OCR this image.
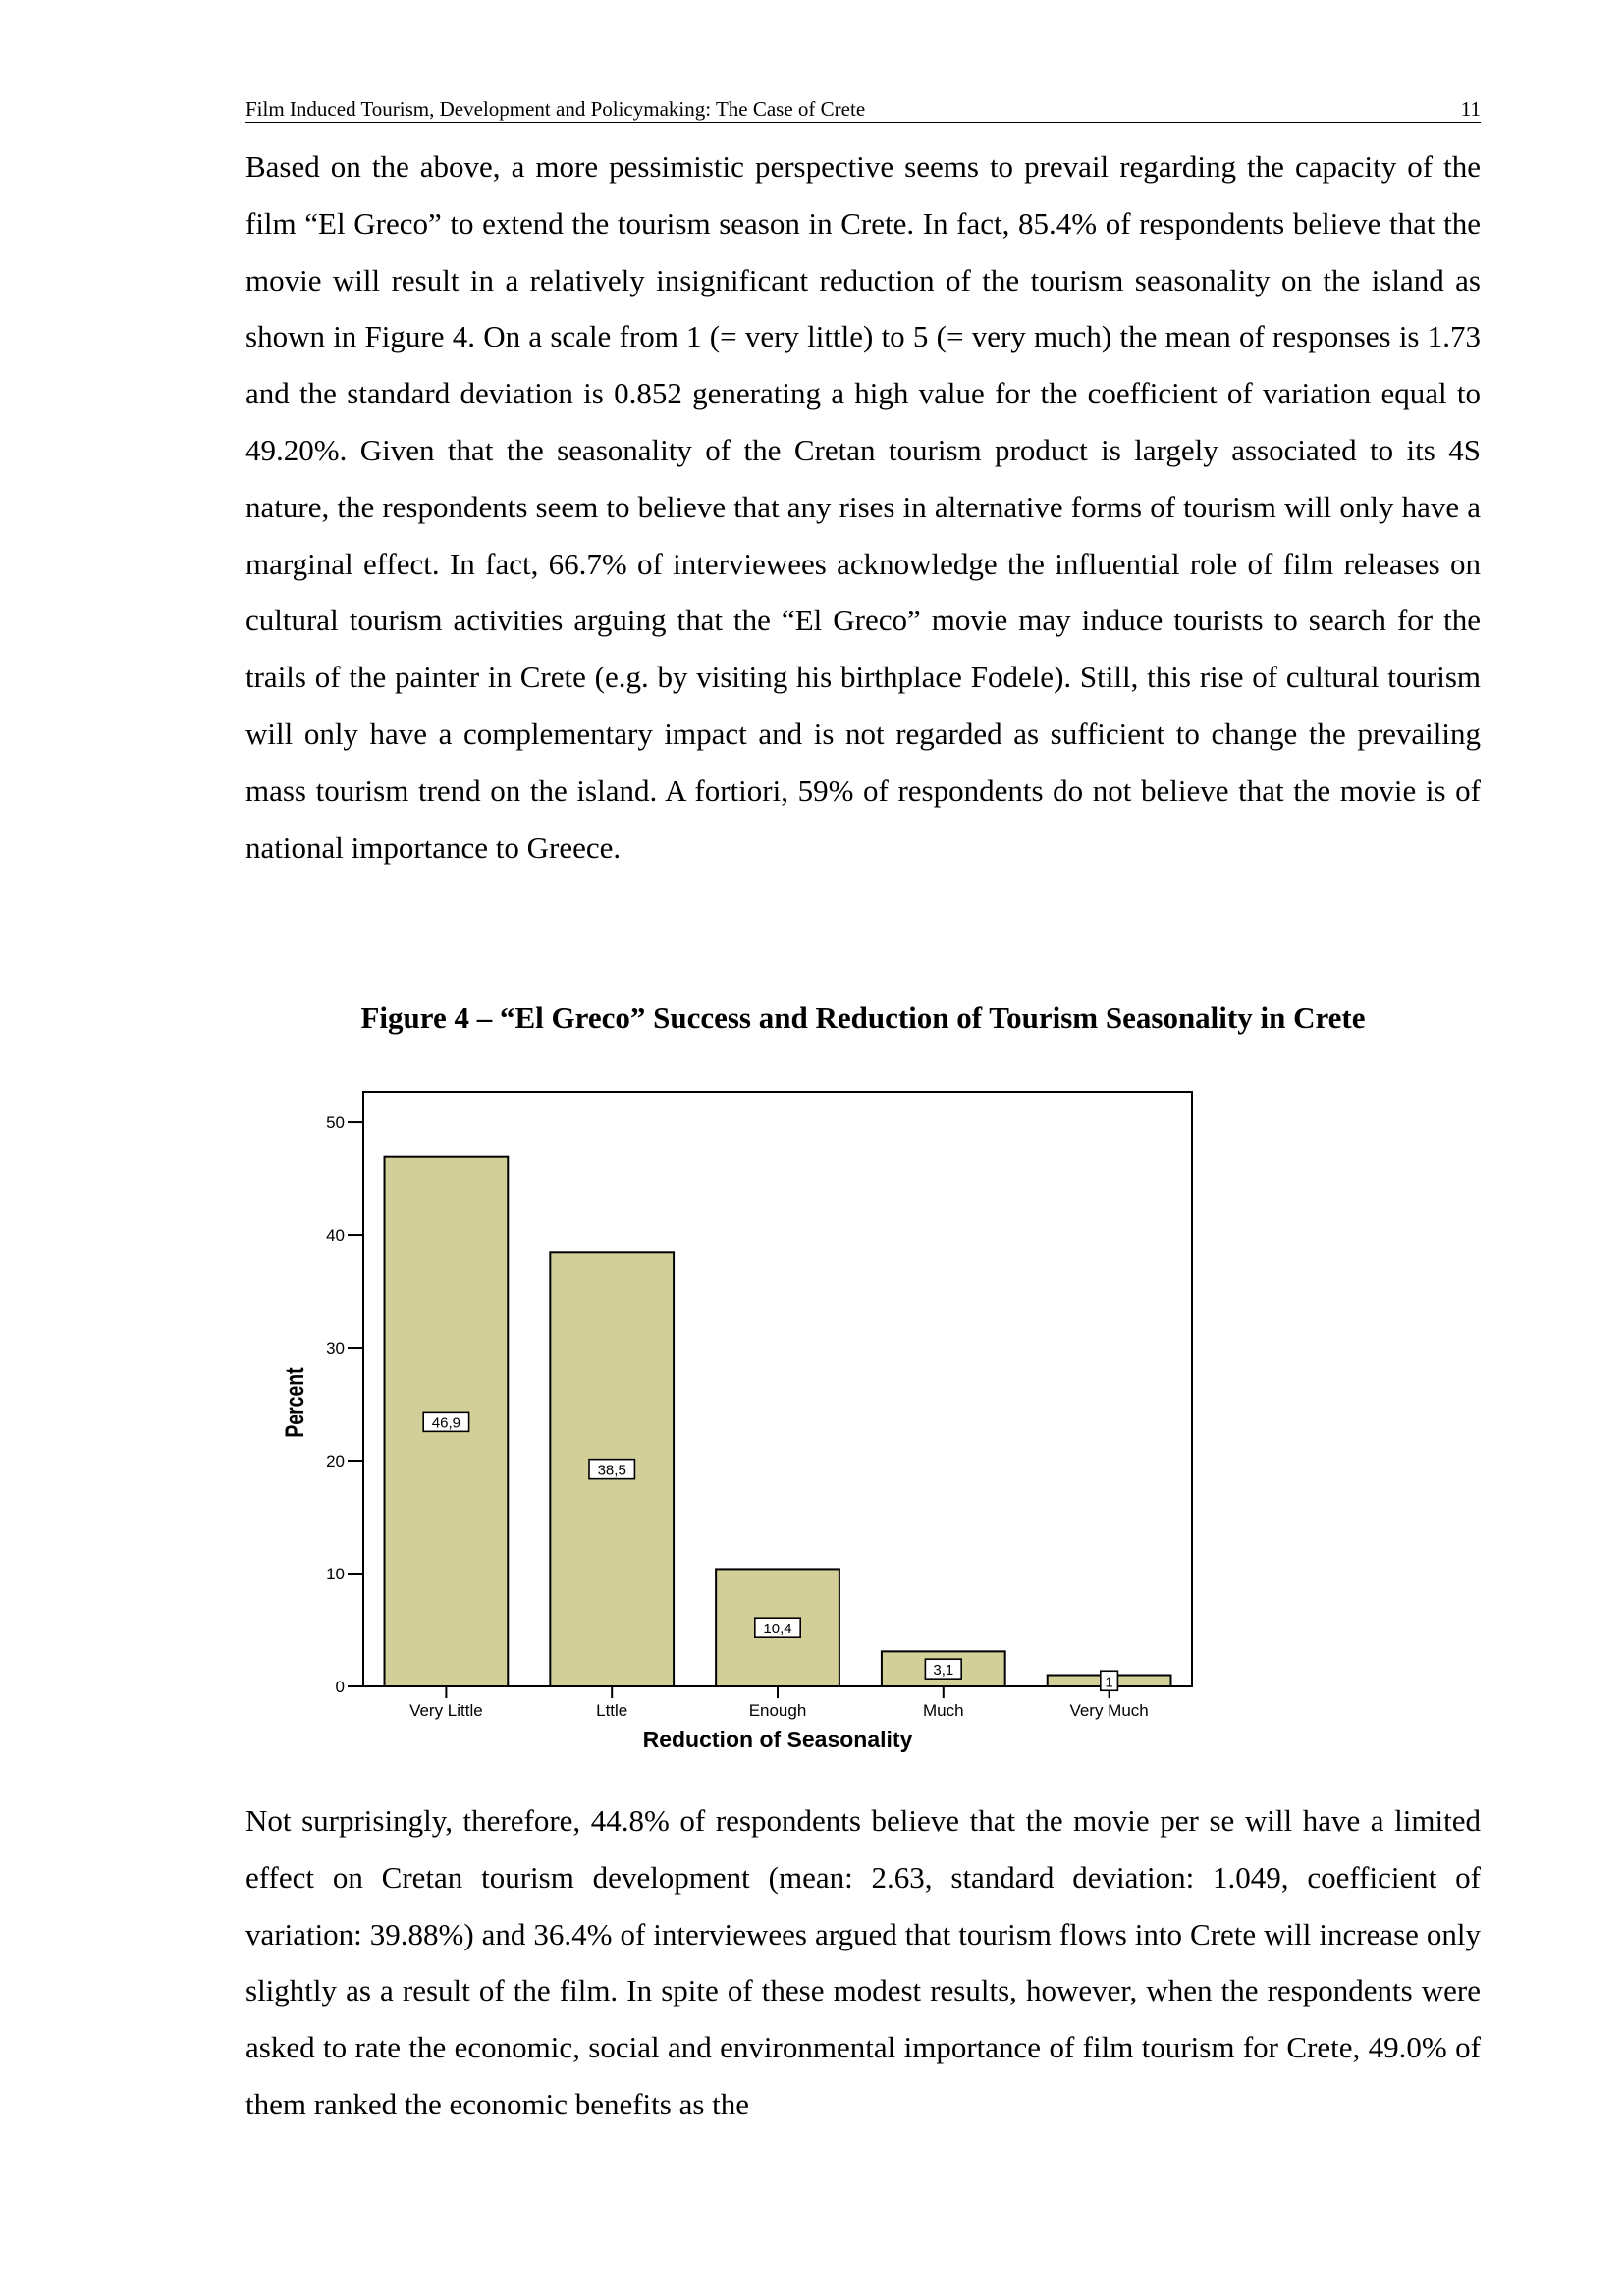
Film Induced Tourism, Development and Policymaking: The Case of Crete	11

Based on the above, a more pessimistic perspective seems to prevail regarding the capacity of the film “El Greco” to extend the tourism season in Crete. In fact, 85.4% of respondents believe that the movie will result in a relatively insignificant reduction of the tourism seasonality on the island as shown in Figure 4. On a scale from 1 (= very little) to 5 (= very much) the mean of responses is 1.73 and the standard deviation is 0.852 generating a high value for the coefficient of variation equal to 49.20%. Given that the seasonality of the Cretan tourism product is largely associated to its 4S nature, the respondents seem to believe that any rises in alternative forms of tourism will only have a marginal effect. In fact, 66.7% of interviewees acknowledge the influential role of film releases on cultural tourism activities arguing that the “El Greco” movie may induce tourists to search for the trails of the painter in Crete (e.g. by visiting his birthplace Fodele). Still, this rise of cultural tourism will only have a complementary impact and is not regarded as sufficient to change the prevailing mass tourism trend on the island. A fortiori, 59% of respondents do not believe that the movie is of national importance to Greece.

Figure 4 – “El Greco” Success and Reduction of Tourism Seasonality in Crete
0
10
20
30
40
50
Percent
Very Little
46,9
Lttle
38,5
Enough
10,4
Much
3,1
Very Much
1
Reduction of Seasonality

Not surprisingly, therefore, 44.8% of respondents believe that the movie per se will have a limited effect on Cretan tourism development (mean: 2.63, standard deviation: 1.049, coefficient of variation: 39.88%) and 36.4% of interviewees argued that tourism flows into Crete will increase only slightly as a result of the film. In spite of these modest results, however, when the respondents were asked to rate the economic, social and environmental importance of film tourism for Crete, 49.0% of them ranked the economic benefits as the
